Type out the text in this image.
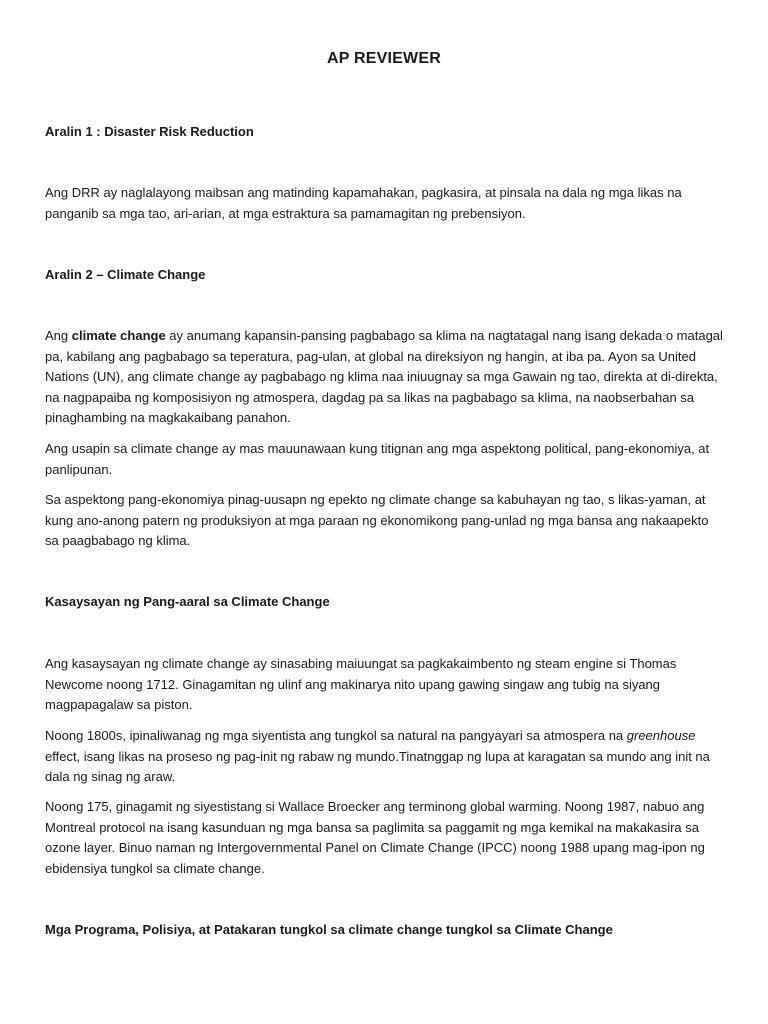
AP REVIEWER
Aralin 1 : Disaster Risk Reduction
Ang DRR ay naglalayong maibsan ang matinding kapamahakan, pagkasira, at pinsala na dala ng mga likas na panganib sa mga tao, ari-arian, at mga estraktura sa pamamagitan ng prebensiyon.
Aralin 2 – Climate Change
Ang climate change ay anumang kapansin-pansing pagbabago sa klima na nagtatagal nang isang dekada o matagal pa, kabilang ang pagbabago sa teperatura, pag-ulan, at global na direksiyon ng hangin, at iba pa. Ayon sa United Nations (UN), ang climate change ay pagbabago ng klima naa iniuugnay sa mga Gawain ng tao, direkta at di-direkta, na nagpapaiba ng komposisiyon ng atmospera, dagdag pa sa likas na pagbabago sa klima, na naobserbahan sa pinaghambing na magkakaibang panahon.
Ang usapin sa climate change ay mas mauunawaan kung titignan ang mga aspektong political, pang-ekonomiya, at panlipunan.
Sa aspektong pang-ekonomiya pinag-uusapn ng epekto ng climate change sa kabuhayan ng tao, s likas-yaman, at kung ano-anong patern ng produksiyon at mga paraan ng ekonomikong pang-unlad ng mga bansa ang nakaapekto sa paagbabago ng klima.
Kasaysayan ng Pang-aaral sa Climate Change
Ang kasaysayan ng climate change ay sinasabing maiuungat sa pagkakaimbento ng steam engine si Thomas Newcome noong 1712. Ginagamitan ng ulinf ang makinarya nito upang gawing singaw ang tubig na siyang magpapagalaw sa piston.
Noong 1800s, ipinaliwanag ng mga siyentista ang tungkol sa natural na pangyayari sa atmospera na greenhouse effect, isang likas na proseso ng pag-init ng rabaw ng mundo.Tinatnggap ng lupa at karagatan sa mundo ang init na dala ng sinag ng araw.
Noong 175, ginagamit ng siyestistang si Wallace Broecker ang terminong global warming. Noong 1987, nabuo ang Montreal protocol na isang kasunduan ng mga bansa sa paglimita sa paggamit ng mga kemikal na makakasira sa ozone layer. Binuo naman ng Intergovernmental Panel on Climate Change (IPCC) noong 1988 upang mag-ipon ng ebidensiya tungkol sa climate change.
Mga Programa, Polisiya, at Patakaran tungkol sa climate change tungkol sa Climate Change
